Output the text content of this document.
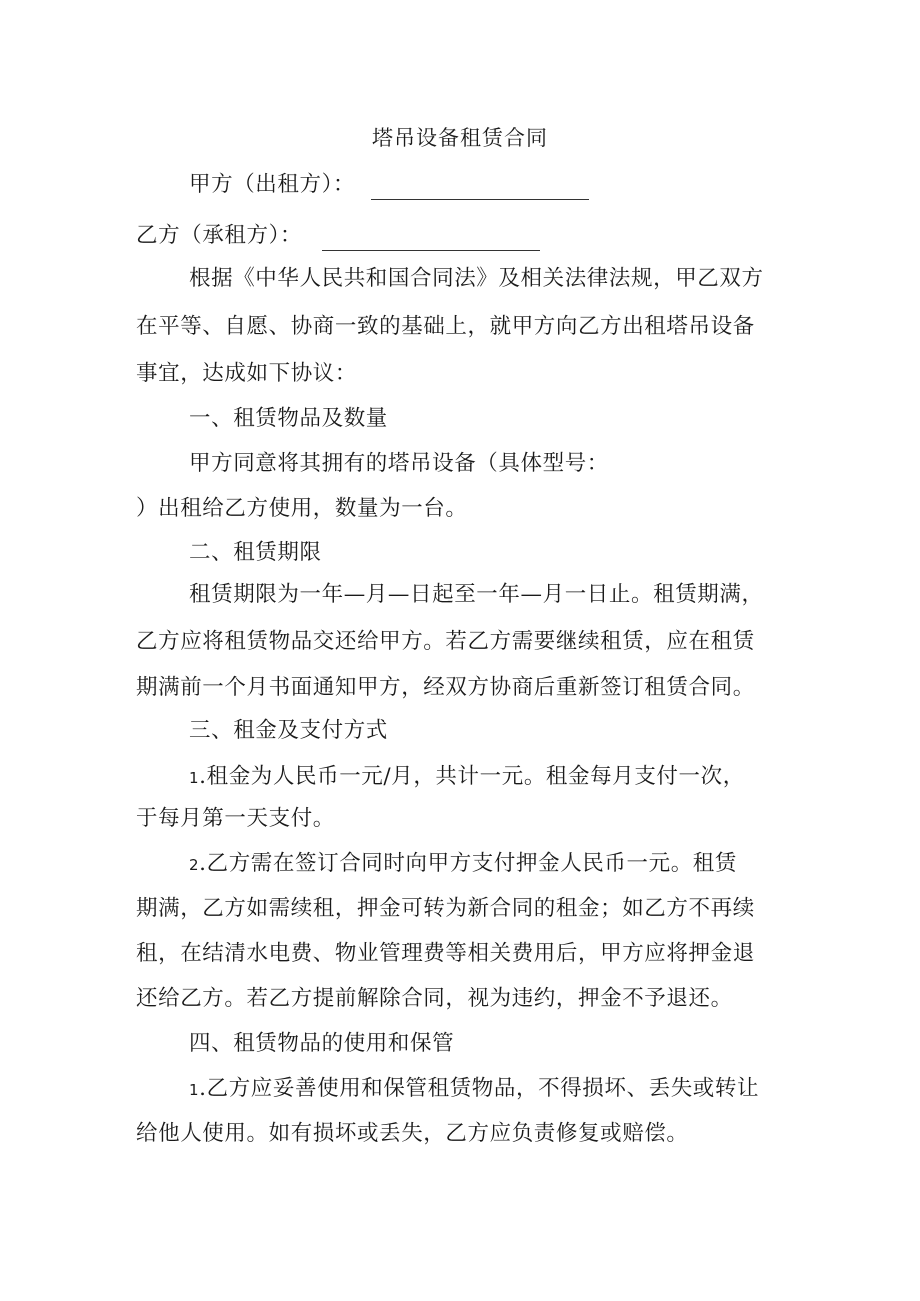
塔吊设备租赁合同
甲方（出租方）：
乙方（承租方）：
根据《中华人民共和国合同法》及相关法律法规，甲乙双方
在平等、自愿、协商一致的基础上，就甲方向乙方出租塔吊设备
事宜，达成如下协议：
一、租赁物品及数量
甲方同意将其拥有的塔吊设备（具体型号：
）出租给乙方使用，数量为一台。
二、租赁期限
租赁期限为一年—月—日起至一年—月一日止。租赁期满，
乙方应将租赁物品交还给甲方。若乙方需要继续租赁，应在租赁
期满前一个月书面通知甲方，经双方协商后重新签订租赁合同。
三、租金及支付方式
1.租金为人民币一元/月，共计一元。租金每月支付一次，
于每月第一天支付。
2.乙方需在签订合同时向甲方支付押金人民币一元。租赁
期满，乙方如需续租，押金可转为新合同的租金；如乙方不再续
租，在结清水电费、物业管理费等相关费用后，甲方应将押金退
还给乙方。若乙方提前解除合同，视为违约，押金不予退还。
四、租赁物品的使用和保管
1.乙方应妥善使用和保管租赁物品，不得损坏、丢失或转让
给他人使用。如有损坏或丢失，乙方应负责修复或赔偿。
